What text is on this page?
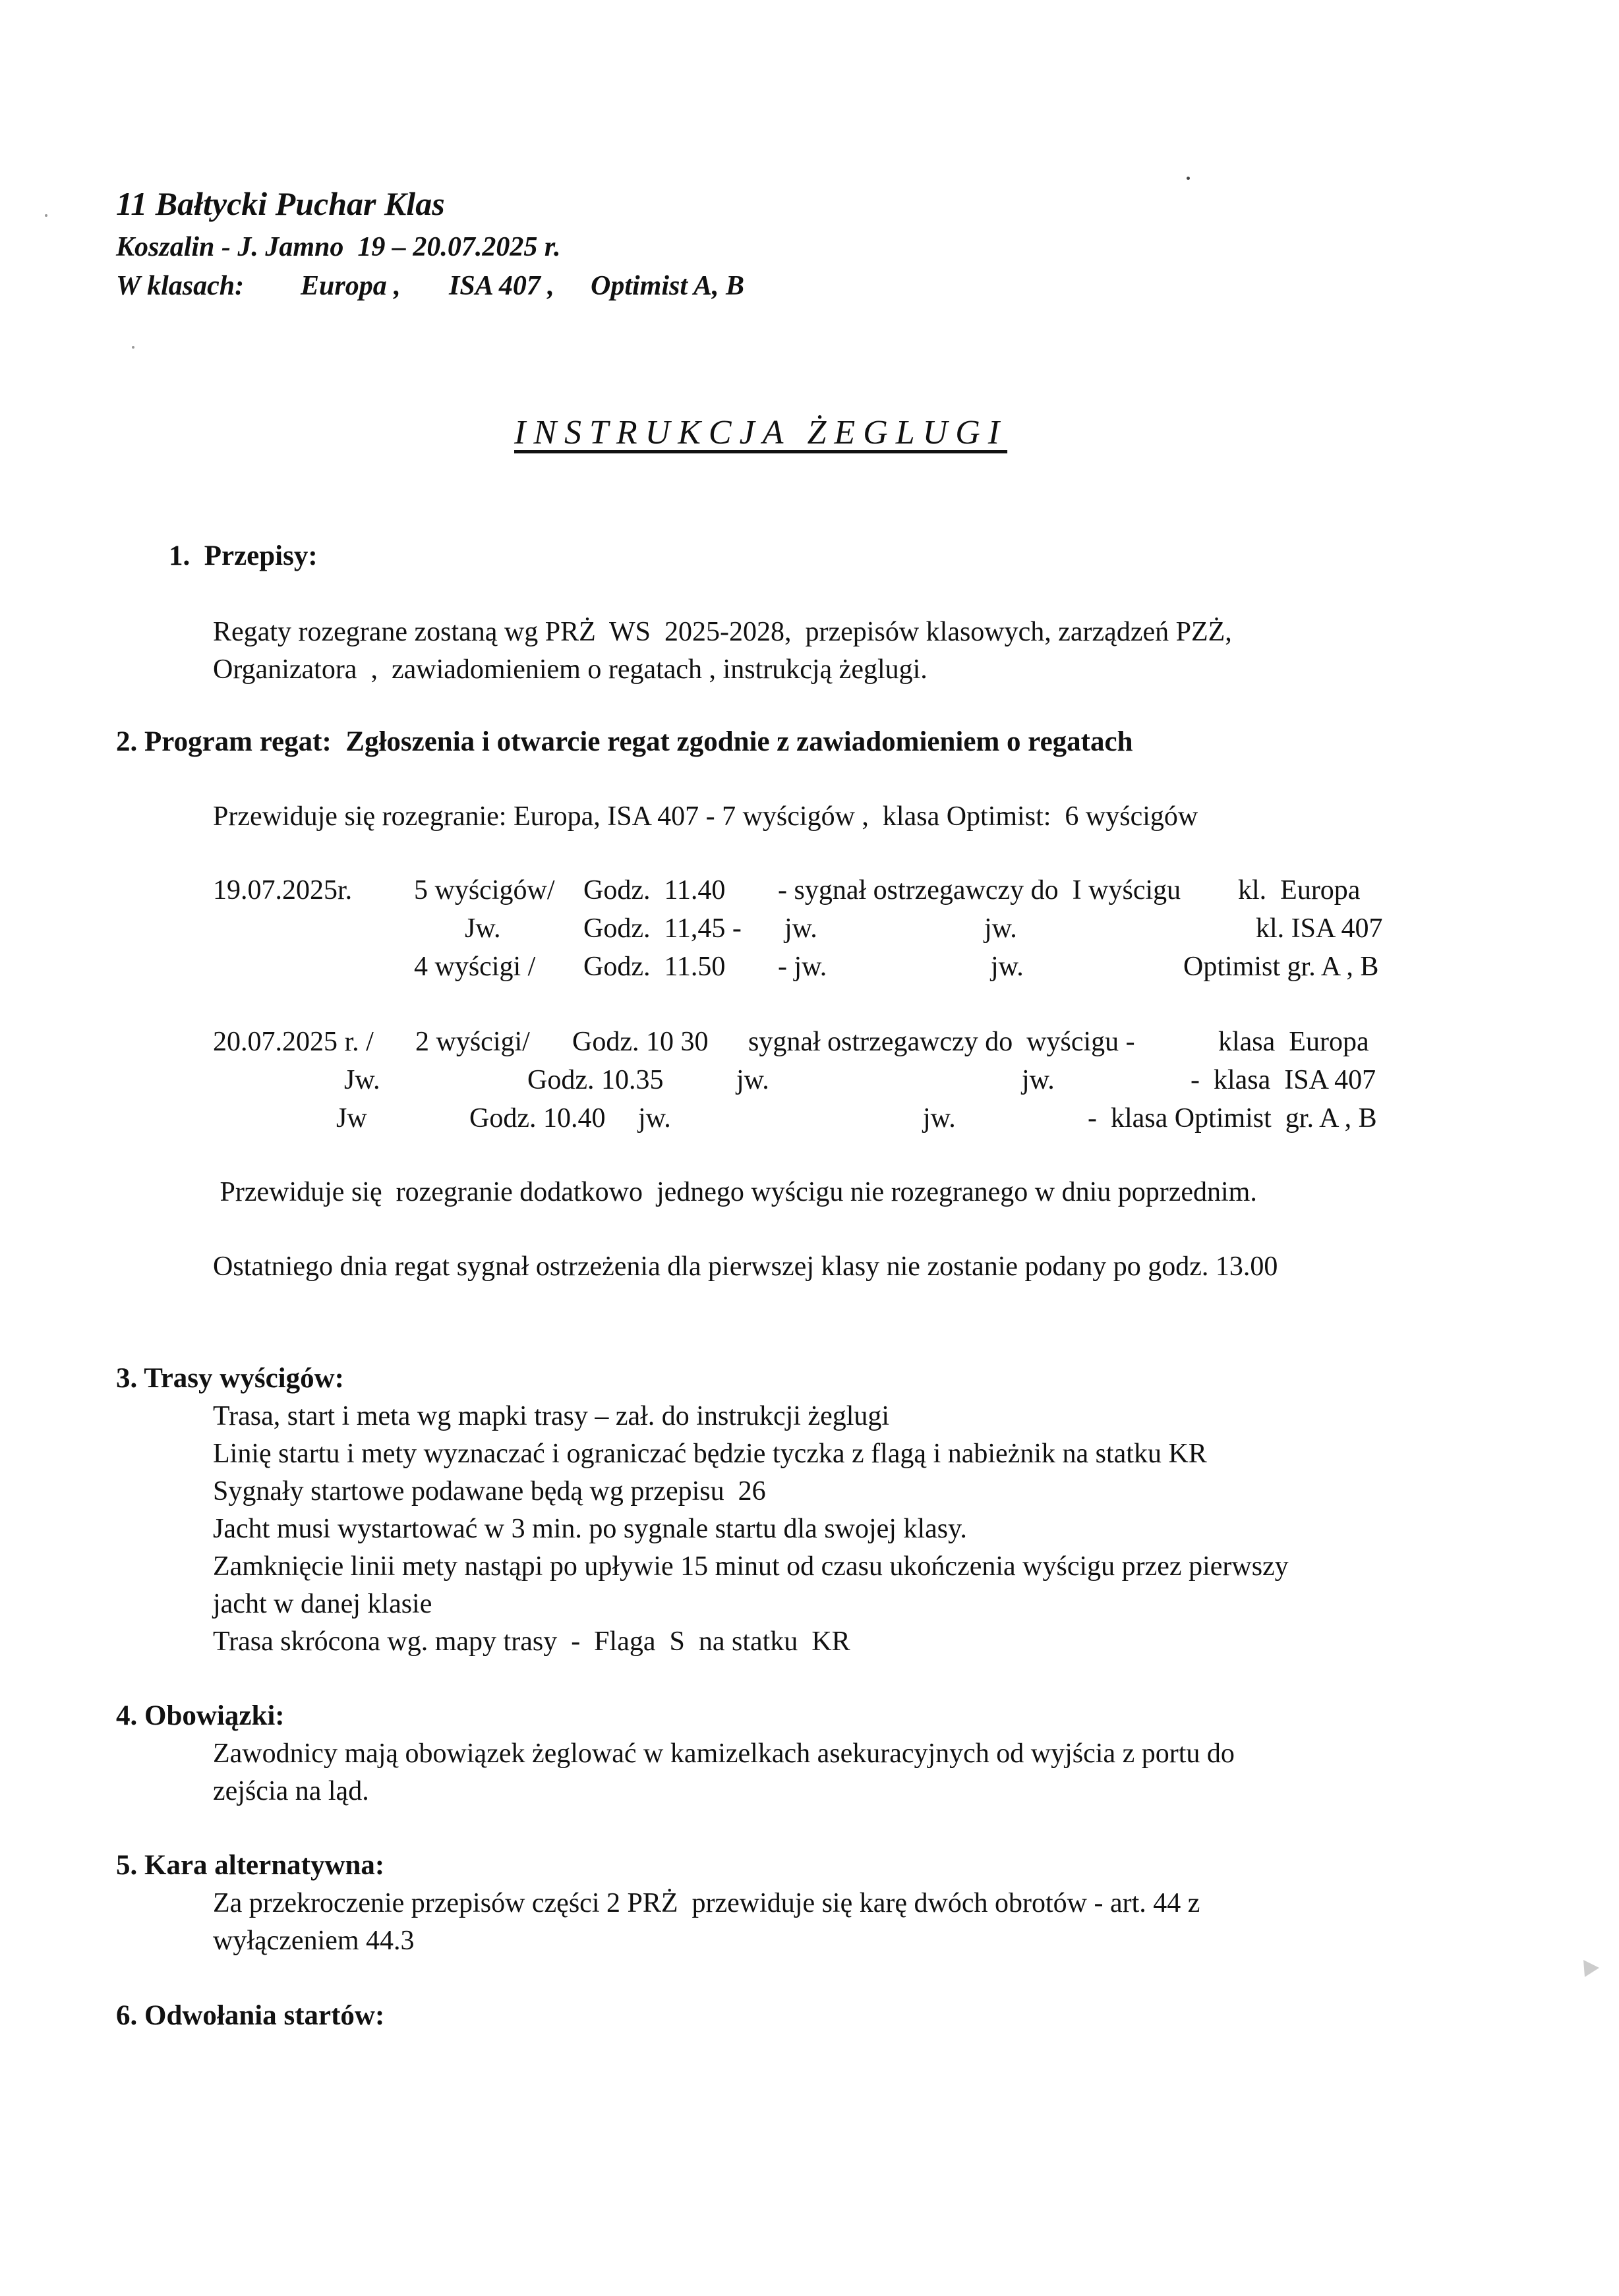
11 Bałtycki Puchar Klas
Koszalin - J. Jamno  19 – 20.07.2025 r.

W klasach:

Europa ,

ISA 407 ,

Optimist A, B

INSTRUKCJA ŻEGLUGI
1.  Przepisy:
Regaty rozegrane zostaną wg PRŻ  WS  2025-2028,  przepisów klasowych, zarządzeń PZŻ,
Organizatora  ,  zawiadomieniem o regatach , instrukcją żeglugi.
2. Program regat:  Zgłoszenia i otwarcie regat zgodnie z zawiadomieniem o regatach
Przewiduje się rozegranie: Europa, ISA 407 - 7 wyścigów ,  klasa Optimist:  6 wyścigów
19.07.2025r. 5 wyścigów/ Godz.  11.40 - sygnał ostrzegawczy do  I wyścigu kl.  Europa
Jw.	Godz.  11,45 - jw.	jw.	kl. ISA 407
4 wyścigi / Godz.  11.50 - jw.	jw.	Optimist gr. A , B
20.07.2025 r. / 2 wyścigi/ Godz. 10 30 sygnał ostrzegawczy do  wyścigu -	klasa  Europa
Jw.	Godz. 10.35	jw.	jw.	-  klasa  ISA 407
Jw	Godz. 10.40 jw.	jw.	-  klasa Optimist  gr. A , B
Przewiduje się  rozegranie dodatkowo  jednego wyścigu nie rozegranego w dniu poprzednim.
Ostatniego dnia regat sygnał ostrzeżenia dla pierwszej klasy nie zostanie podany po godz. 13.00
3. Trasy wyścigów:
Trasa, start i meta wg mapki trasy – zał. do instrukcji żeglugi
Linię startu i mety wyznaczać i ograniczać będzie tyczka z flagą i nabieżnik na statku KR
Sygnały startowe podawane będą wg przepisu  26
Jacht musi wystartować w 3 min. po sygnale startu dla swojej klasy.
Zamknięcie linii mety nastąpi po upływie 15 minut od czasu ukończenia wyścigu przez pierwszy
jacht w danej klasie
Trasa skrócona wg. mapy trasy  -  Flaga  S  na statku  KR
4. Obowiązki:
Zawodnicy mają obowiązek żeglować w kamizelkach asekuracyjnych od wyjścia z portu do
zejścia na ląd.
5. Kara alternatywna:
Za przekroczenie przepisów części 2 PRŻ  przewiduje się karę dwóch obrotów - art. 44 z
wyłączeniem 44.3
6. Odwołania startów:
